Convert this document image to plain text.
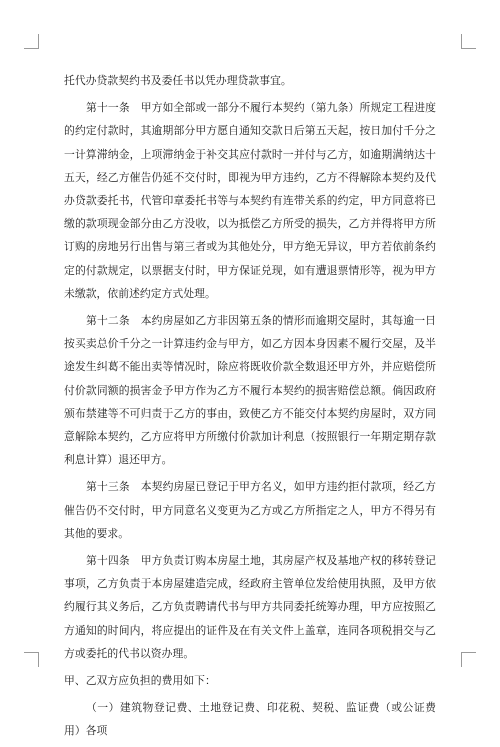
托代办贷款契约书及委任书以凭办理贷款事宜。

第十一条　甲方如全部或一部分不履行本契约（第九条）所规定工程进度的约定付款时，其逾期部分甲方愿自通知交款日后第五天起，按日加付千分之一计算滞纳金，上项滞纳金于补交其应付款时一并付与乙方，如逾期满纳达十五天，经乙方催告仍延不交付时，即视为甲方违约，乙方不得解除本契约及代办贷款委托书，代管印章委托书等与本契约有连带关系的约定，甲方同意将已缴的款项现金部分由乙方没收，以为抵偿乙方所受的损失，乙方并得将甲方所订购的房地另行出售与第三者或为其他处分，甲方绝无异议，甲方若依前条约定的付款规定，以票据支付时，甲方保证兑现，如有遭退票情形等，视为甲方未缴款，依前述约定方式处理。

第十二条　本约房屋如乙方非因第五条的情形而逾期交屋时，其每逾一日按买卖总价千分之一计算违约金与甲方，如乙方因本身因素不履行交屋，及半途发生纠葛不能出卖等情况时，除应将既收价款全数退还甲方外，并应赔偿所付价款同额的损害金予甲方作为乙方不履行本契约的损害赔偿总额。倘因政府颁布禁建等不可归责于乙方的事由，致使乙方不能交付本契约房屋时，双方同意解除本契约，乙方应将甲方所缴付价款加计利息（按照银行一年期定期存款利息计算）退还甲方。

第十三条　本契约房屋已登记于甲方名义，如甲方违约拒付款项，经乙方催告仍不交付时，甲方同意名义变更为乙方或乙方所指定之人，甲方不得另有其他的要求。

第十四条　甲方负责订购本房屋土地，其房屋产权及基地产权的移转登记事项，乙方负责于本房屋建造完成，经政府主管单位发给使用执照，及甲方依约履行其义务后，乙方负责聘请代书与甲方共同委托统筹办理，甲方应按照乙方通知的时间内，将应提出的证件及在有关文件上盖章，连同各项税捐交与乙方或委托的代书以资办理。

甲、乙双方应负担的费用如下：

（一）建筑物登记费、土地登记费、印花税、契税、监证费（或公证费用）各项
